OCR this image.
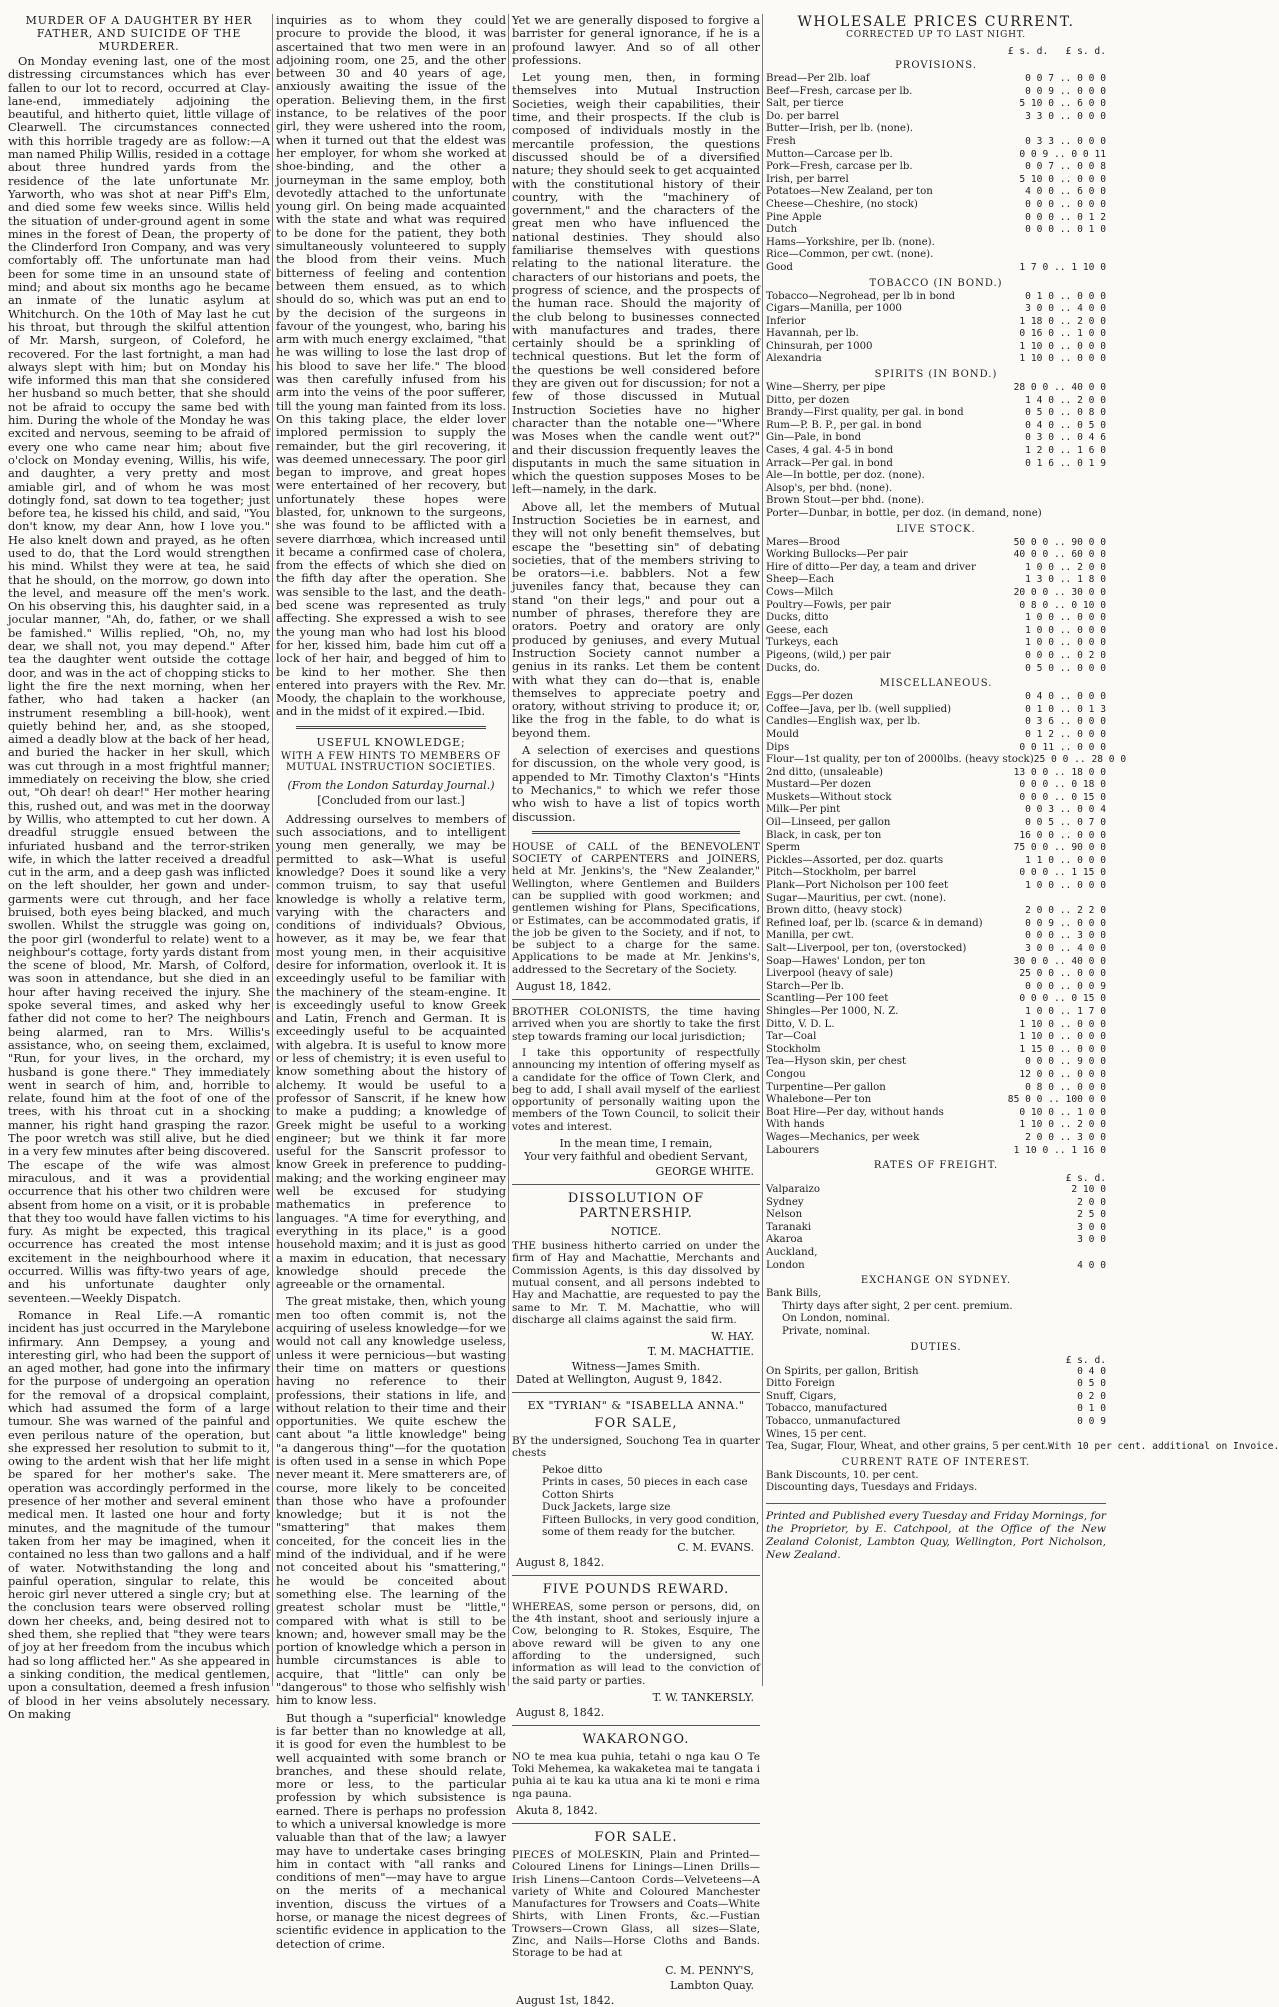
MURDER OF A DAUGHTER BY HER FATHER, AND SUICIDE OF THE MURDERER.

On Monday evening last, one of the most distressing circumstances which has ever fallen to our lot to record, occurred at Clay-lane-end, immediately adjoining the beautiful, and hitherto quiet, little village of Clearwell. The circumstances connected with this horrible tragedy are as follow:—A man named Philip Willis, resided in a cottage about three hundred yards from the residence of the late unfortunate Mr. Yarworth, who was shot at near Piff's Elm, and died some few weeks since. Willis held the situation of under-ground agent in some mines in the forest of Dean, the property of the Clinderford Iron Company, and was very comfortably off. The unfortunate man had been for some time in an unsound state of mind; and about six months ago he became an inmate of the lunatic asylum at Whitchurch. On the 10th of May last he cut his throat, but through the skilful attention of Mr. Marsh, surgeon, of Coleford, he recovered. For the last fortnight, a man had always slept with him; but on Monday his wife informed this man that she considered her husband so much better, that she should not be afraid to occupy the same bed with him. During the whole of the Monday he was excited and nervous, seeming to be afraid of every one who came near him; about five o'clock on Monday evening, Willis, his wife, and daughter, a very pretty and most amiable girl, and of whom he was most dotingly fond, sat down to tea together; just before tea, he kissed his child, and said, "You don't know, my dear Ann, how I love you." He also knelt down and prayed, as he often used to do, that the Lord would strengthen his mind. Whilst they were at tea, he said that he should, on the morrow, go down into the level, and measure off the men's work. On his observing this, his daughter said, in a jocular manner, "Ah, do, father, or we shall be famished." Willis replied, "Oh, no, my dear, we shall not, you may depend." After tea the daughter went outside the cottage door, and was in the act of chopping sticks to light the fire the next morning, when her father, who had taken a hacker (an instrument resembling a bill-hook), went quietly behind her, and, as she stooped, aimed a deadly blow at the back of her head, and buried the hacker in her skull, which was cut through in a most frightful manner; immediately on receiving the blow, she cried out, "Oh dear! oh dear!" Her mother hearing this, rushed out, and was met in the doorway by Willis, who attempted to cut her down. A dreadful struggle ensued between the infuriated husband and the terror-striken wife, in which the latter received a dreadful cut in the arm, and a deep gash was inflicted on the left shoulder, her gown and under-garments were cut through, and her face bruised, both eyes being blacked, and much swollen. Whilst the struggle was going on, the poor girl (wonderful to relate) went to a neighbour's cottage, forty yards distant from the scene of blood, Mr. Marsh, of Colford, was soon in attendance, but she died in an hour after having received the injury. She spoke several times, and asked why her father did not come to her? The neighbours being alarmed, ran to Mrs. Willis's assistance, who, on seeing them, exclaimed, "Run, for your lives, in the orchard, my husband is gone there." They immediately went in search of him, and, horrible to relate, found him at the foot of one of the trees, with his throat cut in a shocking manner, his right hand grasping the razor. The poor wretch was still alive, but he died in a very few minutes after being discovered. The escape of the wife was almost miraculous, and it was a providential occurrence that his other two children were absent from home on a visit, or it is probable that they too would have fallen victims to his fury. As might be expected, this tragical occurrence has created the most intense excitement in the neighbourhood where it occurred. Willis was fifty-two years of age, and his unfortunate daughter only seventeen.—Weekly Dispatch.

Romance in Real Life.—A romantic incident has just occurred in the Marylebone infirmary. Ann Dempsey, a young and interesting girl, who had been the support of an aged mother, had gone into the infirmary for the purpose of undergoing an operation for the removal of a dropsical complaint, which had assumed the form of a large tumour. She was warned of the painful and even perilous nature of the operation, but she expressed her resolution to submit to it, owing to the ardent wish that her life might be spared for her mother's sake. The operation was accordingly performed in the presence of her mother and several eminent medical men. It lasted one hour and forty minutes, and the magnitude of the tumour taken from her may be imagined, when it contained no less than two gallons and a half of water. Notwithstanding the long and painful operation, singular to relate, this heroic girl never uttered a single cry; but at the conclusion tears were observed rolling down her cheeks, and, being desired not to shed them, she replied that "they were tears of joy at her freedom from the incubus which had so long afflicted her." As she appeared in a sinking condition, the medical gentlemen, upon a consultation, deemed a fresh infusion of blood in her veins absolutely necessary. On making

inquiries as to whom they could procure to provide the blood, it was ascertained that two men were in an adjoining room, one 25, and the other between 30 and 40 years of age, anxiously awaiting the issue of the operation. Believing them, in the first instance, to be relatives of the poor girl, they were ushered into the room, when it turned out that the eldest was her employer, for whom she worked at shoe-binding, and the other a journeyman in the same employ, both devotedly attached to the unfortunate young girl. On being made acquainted with the state and what was required to be done for the patient, they both simultaneously volunteered to supply the blood from their veins. Much bitterness of feeling and contention between them ensued, as to which should do so, which was put an end to by the decision of the surgeons in favour of the youngest, who, baring his arm with much energy exclaimed, "that he was willing to lose the last drop of his blood to save her life." The blood was then carefully infused from his arm into the veins of the poor sufferer, till the young man fainted from its loss. On this taking place, the elder lover implored permission to supply the remainder, but the girl recovering, it was deemed unnecessary. The poor girl began to improve, and great hopes were entertained of her recovery, but unfortunately these hopes were blasted, for, unknown to the surgeons, she was found to be afflicted with a severe diarrhœa, which increased until it became a confirmed case of cholera, from the effects of which she died on the fifth day after the operation. She was sensible to the last, and the death-bed scene was represented as truly affecting. She expressed a wish to see the young man who had lost his blood for her, kissed him, bade him cut off a lock of her hair, and begged of him to be kind to her mother. She then entered into prayers with the Rev. Mr. Moody, the chaplain to the workhouse, and in the midst of it expired.—Ibid.

USEFUL KNOWLEDGE;
WITH A FEW HINTS TO MEMBERS OF MUTUAL INSTRUCTION SOCIETIES.
(From the London Saturday Journal.)
[Concluded from our last.]

Addressing ourselves to members of such associations, and to intelligent young men generally, we may be permitted to ask—What is useful knowledge? Does it sound like a very common truism, to say that useful knowledge is wholly a relative term, varying with the characters and conditions of individuals? Obvious, however, as it may be, we fear that most young men, in their acquisitive desire for information, overlook it. It is exceedingly useful to be familiar with the machinery of the steam-engine. It is exceedingly useful to know Greek and Latin, French and German. It is exceedingly useful to be acquainted with algebra. It is useful to know more or less of chemistry; it is even useful to know something about the history of alchemy. It would be useful to a professor of Sanscrit, if he knew how to make a pudding; a knowledge of Greek might be useful to a working engineer; but we think it far more useful for the Sanscrit professor to know Greek in preference to pudding-making; and the working engineer may well be excused for studying mathematics in preference to languages. "A time for everything, and everything in its place," is a good household maxim; and it is just as good a maxim in education, that necessary knowledge should precede the agreeable or the ornamental.

The great mistake, then, which young men too often commit is, not the acquiring of useless knowledge—for we would not call any knowledge useless, unless it were pernicious—but wasting their time on matters or questions having no reference to their professions, their stations in life, and without relation to their time and their opportunities. We quite eschew the cant about "a little knowledge" being "a dangerous thing"—for the quotation is often used in a sense in which Pope never meant it. Mere smatterers are, of course, more likely to be conceited than those who have a profounder knowledge; but it is not the "smattering" that makes them conceited, for the conceit lies in the mind of the individual, and if he were not conceited about his "smattering," he would be conceited about something else. The learning of the greatest scholar must be "little," compared with what is still to be known; and, however small may be the portion of knowledge which a person in humble circumstances is able to acquire, that "little" can only be "dangerous" to those who selfishly wish him to know less.

But though a "superficial" knowledge is far better than no knowledge at all, it is good for even the humblest to be well acquainted with some branch or branches, and these should relate, more or less, to the particular profession by which subsistence is earned. There is perhaps no profession to which a universal knowledge is more valuable than that of the law; a lawyer may have to undertake cases bringing him in contact with "all ranks and conditions of men"—may have to argue on the merits of a mechanical invention, discuss the virtues of a horse, or manage the nicest degrees of scientific evidence in application to the detection of crime.

Yet we are generally disposed to forgive a barrister for general ignorance, if he is a profound lawyer. And so of all other professions.

Let young men, then, in forming themselves into Mutual Instruction Societies, weigh their capabilities, their time, and their prospects. If the club is composed of individuals mostly in the mercantile profession, the questions discussed should be of a diversified nature; they should seek to get acquainted with the constitutional history of their country, with the "machinery of government," and the characters of the great men who have influenced the national destinies. They should also familiarise themselves with questions relating to the national literature. the characters of our historians and poets, the progress of science, and the prospects of the human race. Should the majority of the club belong to businesses connected with manufactures and trades, there certainly should be a sprinkling of technical questions. But let the form of the questions be well considered before they are given out for discussion; for not a few of those discussed in Mutual Instruction Societies have no higher character than the notable one—"Where was Moses when the candle went out?" and their discussion frequently leaves the disputants in much the same situation in which the question supposes Moses to be left—namely, in the dark.

Above all, let the members of Mutual Instruction Societies be in earnest, and they will not only benefit themselves, but escape the "besetting sin" of debating societies, that of the members striving to be orators—i.e. babblers. Not a few juveniles fancy that, because they can stand "on their legs," and pour out a number of phrases, therefore they are orators. Poetry and oratory are only produced by geniuses, and every Mutual Instruction Society cannot number a genius in its ranks. Let them be content with what they can do—that is, enable themselves to appreciate poetry and oratory, without striving to produce it; or, like the frog in the fable, to do what is beyond them.

A selection of exercises and questions for discussion, on the whole very good, is appended to Mr. Timothy Claxton's "Hints to Mechanics," to which we refer those who wish to have a list of topics worth discussion.

HOUSE of CALL of the BENEVOLENT SOCIETY of CARPENTERS and JOINERS, held at Mr. Jenkins's, the "New Zealander," Wellington, where Gentlemen and Builders can be supplied with good workmen; and gentlemen wishing for Plans, Specifications, or Estimates, can be accommodated gratis, if the job be given to the Society, and if not, to be subject to a charge for the same. Applications to be made at Mr. Jenkins's, addressed to the Secretary of the Society.

August 18, 1842.

BROTHER COLONISTS, the time having arrived when you are shortly to take the first step towards framing our local jurisdiction;

I take this opportunity of respectfully announcing my intention of offering myself as a candidate for the office of Town Clerk, and beg to add, I shall avail myself of the earliest opportunity of personally waiting upon the members of the Town Council, to solicit their votes and interest.

In the mean time, I remain,
Your very faithful and obedient Servant,
GEORGE WHITE.
DISSOLUTION OF PARTNERSHIP.
NOTICE.

THE business hitherto carried on under the firm of Hay and Machattie, Merchants and Commission Agents, is this day dissolved by mutual consent, and all persons indebted to Hay and Machattie, are requested to pay the same to Mr. T. M. Machattie, who will discharge all claims against the said firm.

W. HAY.
T. M. MACHATTIE.
Witness—James Smith.
Dated at Wellington, August 9, 1842.
EX "TYRIAN" & "ISABELLA ANNA."
FOR SALE,

BY the undersigned, Souchong Tea in quarter chests

Pekoe ditto
Prints in cases, 50 pieces in each case
Cotton Shirts
Duck Jackets, large size
Fifteen Bullocks, in very good condition, some of them ready for the butcher.
C. M. EVANS.
August 8, 1842.
FIVE POUNDS REWARD.

WHEREAS, some person or persons, did, on the 4th instant, shoot and seriously injure a Cow, belonging to R. Stokes, Esquire, The above reward will be given to any one affording to the undersigned, such information as will lead to the conviction of the said party or parties.

T. W. TANKERSLY.
August 8, 1842.
WAKARONGO.

NO te mea kua puhia, tetahi o nga kau O Te Toki Mehemea, ka wakaketea mai te tangata i puhia ai te kau ka utua ana ki te moni e rima nga pauna.

Akuta 8, 1842.
FOR SALE.

PIECES of MOLESKIN, Plain and Printed—Coloured Linens for Linings—Linen Drills—Irish Linens—Cantoon Cords—Velveteens—A variety of White and Coloured Manchester Manufactures for Trowsers and Coats—White Shirts, with Linen Fronts, &c.—Fustian Trowsers—Crown Glass, all sizes—Slate, Zinc, and Nails—Horse Cloths and Bands. Storage to be had at

C. M. PENNY'S,
Lambton Quay.
August 1st, 1842.
WHOLESALE PRICES CURRENT.
CORRECTED UP TO LAST NIGHT.
£ s. d.   £ s. d.
PROVISIONS.
Bread—Per 2lb. loaf	0 0 7 .. 0 0 0
Beef—Fresh, carcase per lb.	0 0 9 .. 0 0 0
Salt, per tierce	5 10 0 .. 6 0 0
Do. per barrel	3 3 0 .. 0 0 0
Butter—Irish, per lb. (none).
Fresh	0 3 3 .. 0 0 0
Mutton—Carcase per lb.	0 0 9 .. 0 0 11
Pork—Fresh, carcase per lb.	0 0 7 .. 0 0 8
Irish, per barrel	5 10 0 .. 0 0 0
Potatoes—New Zealand, per ton	4 0 0 .. 6 0 0
Cheese—Cheshire, (no stock)	0 0 0 .. 0 0 0
Pine Apple	0 0 0 .. 0 1 2
Dutch	0 0 0 .. 0 1 0
Hams—Yorkshire, per lb. (none).
Rice—Common, per cwt. (none).
Good	1 7 0 .. 1 10 0
TOBACCO (IN BOND.)
Tobacco—Negrohead, per lb in bond	0 1 0 .. 0 0 0
Cigars—Manilla, per 1000	3 0 0 .. 4 0 0
Inferior	1 18 0 .. 2 0 0
Havannah, per lb.	0 16 0 .. 1 0 0
Chinsurah, per 1000	1 10 0 .. 0 0 0
Alexandria	1 10 0 .. 0 0 0
SPIRITS (IN BOND.)
Wine—Sherry, per pipe	28 0 0 .. 40 0 0
Ditto, per dozen	1 4 0 .. 2 0 0
Brandy—First quality, per gal. in bond	0 5 0 .. 0 8 0
Rum—P. B. P., per gal. in bond	0 4 0 .. 0 5 0
Gin—Pale, in bond	0 3 0 .. 0 4 6
Cases, 4 gal. 4-5 in bond	1 2 0 .. 1 6 0
Arrack—Per gal. in bond	0 1 6 .. 0 1 9
Ale—In bottle, per doz. (none).
Alsop's, per bhd. (none).
Brown Stout—per bhd. (none).
Porter—Dunbar, in bottle, per doz. (in demand, none)
LIVE STOCK.
Mares—Brood	50 0 0 .. 90 0 0
Working Bullocks—Per pair	40 0 0 .. 60 0 0
Hire of ditto—Per day, a team and driver	1 0 0 .. 2 0 0
Sheep—Each	1 3 0 .. 1 8 0
Cows—Milch	20 0 0 .. 30 0 0
Poultry—Fowls, per pair	0 8 0 .. 0 10 0
Ducks, ditto	1 0 0 .. 0 0 0
Geese, each	1 0 0 .. 0 0 0
Turkeys, each	1 0 0 .. 0 0 0
Pigeons, (wild,) per pair	0 0 0 .. 0 2 0
Ducks, do.	0 5 0 .. 0 0 0
MISCELLANEOUS.
Eggs—Per dozen	0 4 0 .. 0 0 0
Coffee—Java, per lb. (well supplied)	0 1 0 .. 0 1 3
Candles—English wax, per lb.	0 3 6 .. 0 0 0
Mould	0 1 2 .. 0 0 0
Dips	0 0 11 .. 0 0 0
Flour—1st quality, per ton of 2000lbs. (heavy stock) 25 0 0 .. 28 0 0
2nd ditto, (unsaleable)	13 0 0 .. 18 0 0
Mustard—Per dozen	0 0 0 .. 0 18 0
Muskets—Without stock	0 0 0 .. 0 15 0
Milk—Per pint	0 0 3 .. 0 0 4
Oil—Linseed, per gallon	0 0 5 .. 0 7 0
Black, in cask, per ton	16 0 0 .. 0 0 0
Sperm	75 0 0 .. 90 0 0
Pickles—Assorted, per doz. quarts	1 1 0 .. 0 0 0
Pitch—Stockholm, per barrel	0 0 0 .. 1 15 0
Plank—Port Nicholson per 100 feet	1 0 0 .. 0 0 0
Sugar—Mauritius, per cwt. (none).
Brown ditto, (heavy stock)	2 0 0 .. 2 2 0
Refined loaf, per lb. (scarce & in demand)	0 0 9 .. 0 0 0
Manilla, per cwt.	0 0 0 .. 3 0 0
Salt—Liverpool, per ton, (overstocked)	3 0 0 .. 4 0 0
Soap—Hawes' London, per ton	30 0 0 .. 40 0 0
Liverpool (heavy of sale)	25 0 0 .. 0 0 0
Starch—Per lb.	0 0 0 .. 0 0 9
Scantling—Per 100 feet	0 0 0 .. 0 15 0
Shingles—Per 1000, N. Z.	1 0 0 .. 1 7 0
Ditto, V. D. L.	1 10 0 .. 0 0 0
Tar—Coal	1 10 0 .. 0 0 0
Stockholm	1 15 0 .. 0 0 0
Tea—Hyson skin, per chest	0 0 0 .. 9 0 0
Congou	12 0 0 .. 0 0 0
Turpentine—Per gallon	0 8 0 .. 0 0 0
Whalebone—Per ton	85 0 0 .. 100 0 0
Boat Hire—Per day, without hands	0 10 0 .. 1 0 0
With hands	1 10 0 .. 2 0 0
Wages—Mechanics, per week	2 0 0 .. 3 0 0
Labourers	1 10 0 .. 1 16 0
RATES OF FREIGHT.
£ s. d.
Valparaizo	2 10 0
Sydney	2 0 0
Nelson	2 5 0
Taranaki	3 0 0
Akaroa	3 0 0
Auckland,
London	4 0 0
EXCHANGE ON SYDNEY.
Bank Bills,
Thirty days after sight, 2 per cent. premium.
On London, nominal.
Private, nominal.
DUTIES.
£ s. d.
On Spirits, per gallon, British	0 4 0
Ditto Foreign	0 5 0
Snuff, Cigars,	0 2 0
Tobacco, manufactured	0 1 0
Tobacco, unmanufactured	0 0 9
Wines, 15 per cent.
Tea, Sugar, Flour, Wheat, and other grains, 5 per cent. With 10 per cent. additional on Invoice.
CURRENT RATE OF INTEREST.
Bank Discounts, 10. per cent.
Discounting days, Tuesdays and Fridays.
Printed and Published every Tuesday and Friday Mornings, for the Proprietor, by E. Catchpool, at the Office of the New Zealand Colonist, Lambton Quay, Wellington, Port Nicholson, New Zealand.
